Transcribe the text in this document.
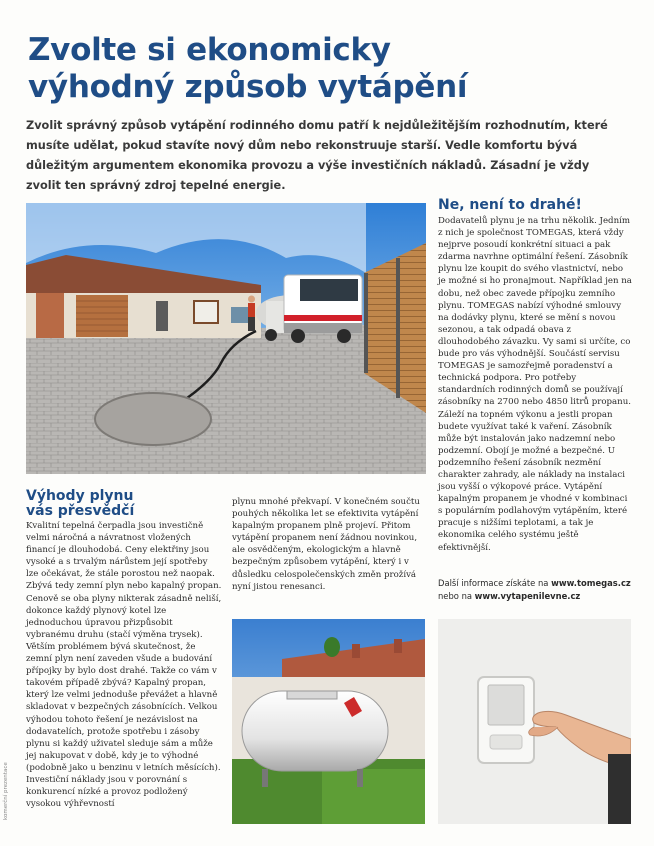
Zvolte si ekonomicky
výhodný způsob vytápění

Zvolit správný způsob vytápění rodinného domu patří k nejdůležitějším rozhodnutím, které musíte udělat, pokud stavíte nový dům nebo rekonstruuje starší. Vedle komfortu bývá důležitým argumentem ekonomika provozu a výše investičních nákladů. Zásadní je vždy zvolit ten správný zdroj tepelné energie.

Výhody plynu
vás přesvědčí

Kvalitní tepelná čerpadla jsou investičně velmi náročná a návratnost vložených financí je dlouhodobá. Ceny elektřiny jsou vysoké a s trvalým nárůstem její spotřeby lze očekávat, že stále porostou než naopak. Zbývá tedy zemní plyn nebo kapalný propan. Cenově se oba plyny nikterak zásadně neliší, dokonce každý plynový kotel lze jednoduchou úpravou přizpůsobit vybranému druhu (stačí výměna trysek). Větším problémem bývá skutečnost, že zemní plyn není zaveden všude a budování přípojky by bylo dost drahé. Takže co vám v takovém případě zbývá? Kapalný propan, který lze velmi jednoduše převážet a hlavně skladovat v bezpečných zásobnících. Velkou výhodou tohoto řešení je nezávislost na dodavatelích, protože spotřebu i zásoby plynu si každý uživatel sleduje sám a může jej nakupovat v době, kdy je to výhodné (podobně jako u benzinu v letních měsících). Investiční náklady jsou v porovnání s konkurencí nízké a provoz podložený vysokou výhřevností

plynu mnohé překvapí. V konečném součtu pouhých několika let se efektivita vytápění kapalným propanem plně projeví. Přitom vytápění propanem není žádnou novinkou, ale osvědčeným, ekologickým a hlavně bezpečným způsobem vytápění, který i v důsledku celospolečenských změn prožívá nyní jistou renesanci.

Ne, není to drahé!

Dodavatelů plynu je na trhu několik. Jedním z nich je společnost TOMEGAS, která vždy nejprve posoudí konkrétní situaci a pak zdarma navrhne optimální řešení. Zásobník plynu lze koupit do svého vlastnictví, nebo je možné si ho pronajmout. Například jen na dobu, než obec zavede přípojku zemního plynu. TOMEGAS nabízí výhodné smlouvy na dodávky plynu, které se mění s novou sezonou, a tak odpadá obava z dlouhodobého závazku. Vy sami si určíte, co bude pro vás výhodnější. Součástí servisu TOMEGAS je samozřejmě poradenství a technická podpora. Pro potřeby standardních rodinných domů se používají zásobníky na 2700 nebo 4850 litrů propanu. Záleží na topném výkonu a jestli propan budete využívat také k vaření. Zásobník může být instalován jako nadzemní nebo podzemní. Obojí je možné a bezpečné. U podzemního řešení zásobník nezmění charakter zahrady, ale náklady na instalaci jsou vyšší o výkopové práce. Vytápění kapalným propanem je vhodné v kombinaci s populárním podlahovým vytápěním, které pracuje s nižšími teplotami, a tak je ekonomika celého systému ještě efektivnější.

Další informace získáte na www.tomegas.cz
nebo na www.vytapenilevne.cz

komerční prezentace
